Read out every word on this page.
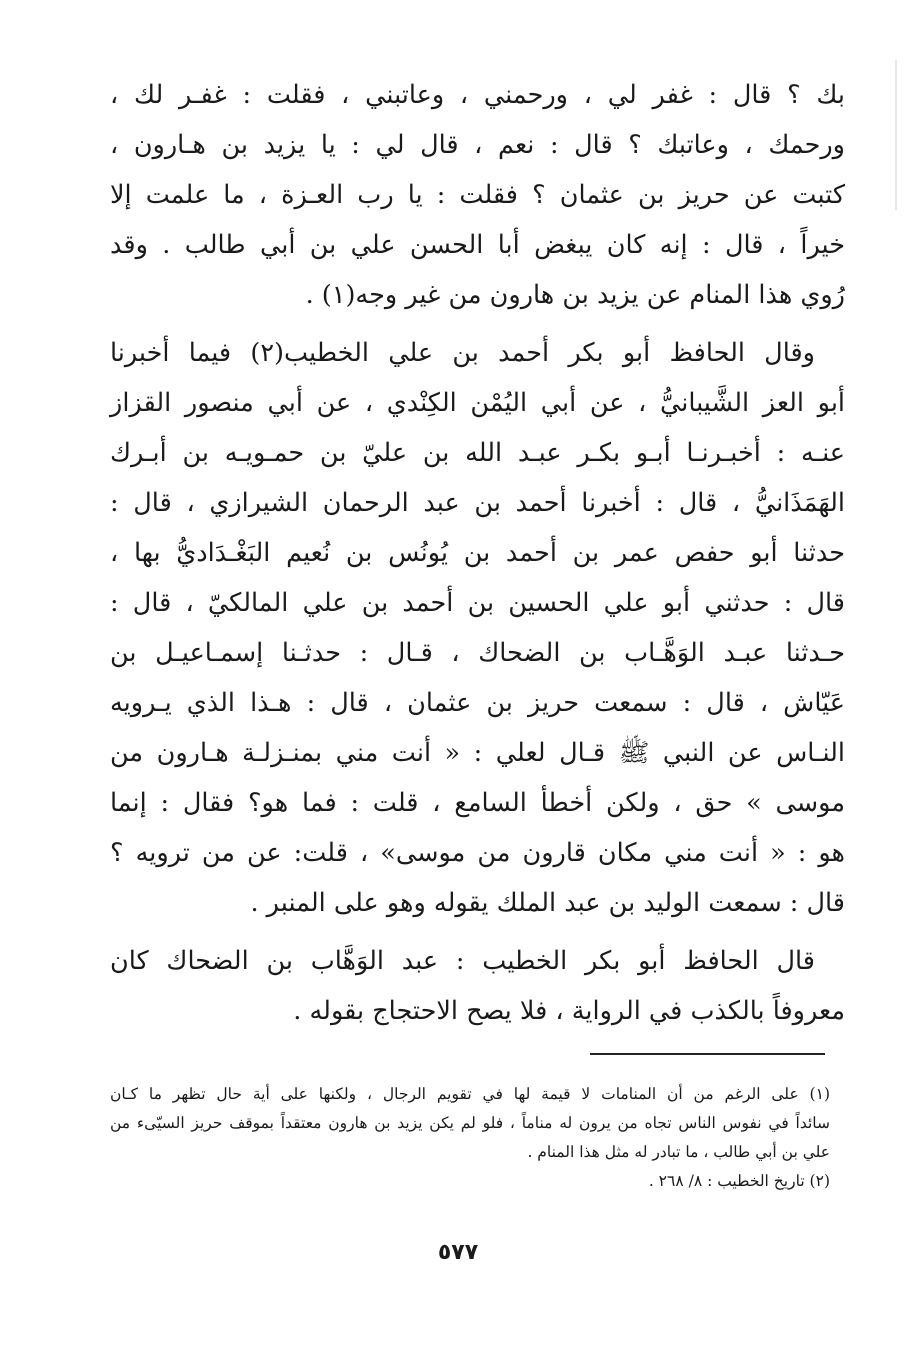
بك ؟ قال : غفر لي ، ورحمني ، وعاتبني ، فقلت : غفـر لك ،
ورحمك ، وعاتبك ؟ قال : نعم ، قال لي : يا يزيد بن هـارون ،
كتبت عن حريز بن عثمان ؟ فقلت : يا رب العـزة ، ما علمت إلا
خيراً ، قال : إنه كان يبغض أبا الحسن علي بن أبي طالب . وقد
رُوي هذا المنام عن يزيد بن هارون من غير وجه(١) .
وقال الحافظ أبو بكر أحمد بن علي الخطيب(٢) فيما أخبرنا
أبو العز الشَّيبانيُّ ، عن أبي اليُمْن الكِنْدي ، عن أبي منصور القزاز
عنـه : أخبـرنـا أبـو بكـر عبـد الله بن عليّ بن حمـويـه بن أبـرك
الهَمَذَانيُّ ، قال : أخبرنا أحمد بن عبد الرحمان الشيرازي ، قال :
حدثنا أبو حفص عمر بن أحمد بن يُونُس بن نُعيم البَغْـدَاديُّ بها ،
قال : حدثني أبو علي الحسين بن أحمد بن علي المالكيّ ، قال :
حـدثنا عبـد الوَهَّـاب بن الضحاك ، قـال : حدثـنا إسمـاعيـل بن
عَيّاش ، قال : سمعت حريز بن عثمان ، قال : هـذا الذي يـرويه
النـاس عن النبي ﷺ قـال لعلي : « أنت مني بمنـزلـة هـارون من
موسى » حق ، ولكن أخطأ السامع ، قلت : فما هو؟ فقال : إنما
هو : « أنت مني مكان قارون من موسى» ، قلت: عن من ترويه ؟
قال : سمعت الوليد بن عبد الملك يقوله وهو على المنبر .
قال الحافظ أبو بكر الخطيب : عبد الوَهَّاب بن الضحاك كان
معروفاً بالكذب في الرواية ، فلا يصح الاحتجاج بقوله .
(١) على الرغم من أن المنامات لا قيمة لها في تقويم الرجال ، ولكنها على أية حال تظهر ما كـان
سائداً في نفوس الناس تجاه من يرون له مناماً ، فلو لم يكن يزيد بن هارون معتقداً بموقف حريز السيّىء من
علي بن أبي طالب ، ما تبادر له مثل هذا المنام .
(٢) تاريخ الخطيب : ٨/ ٢٦٨ .
٥٧٧
